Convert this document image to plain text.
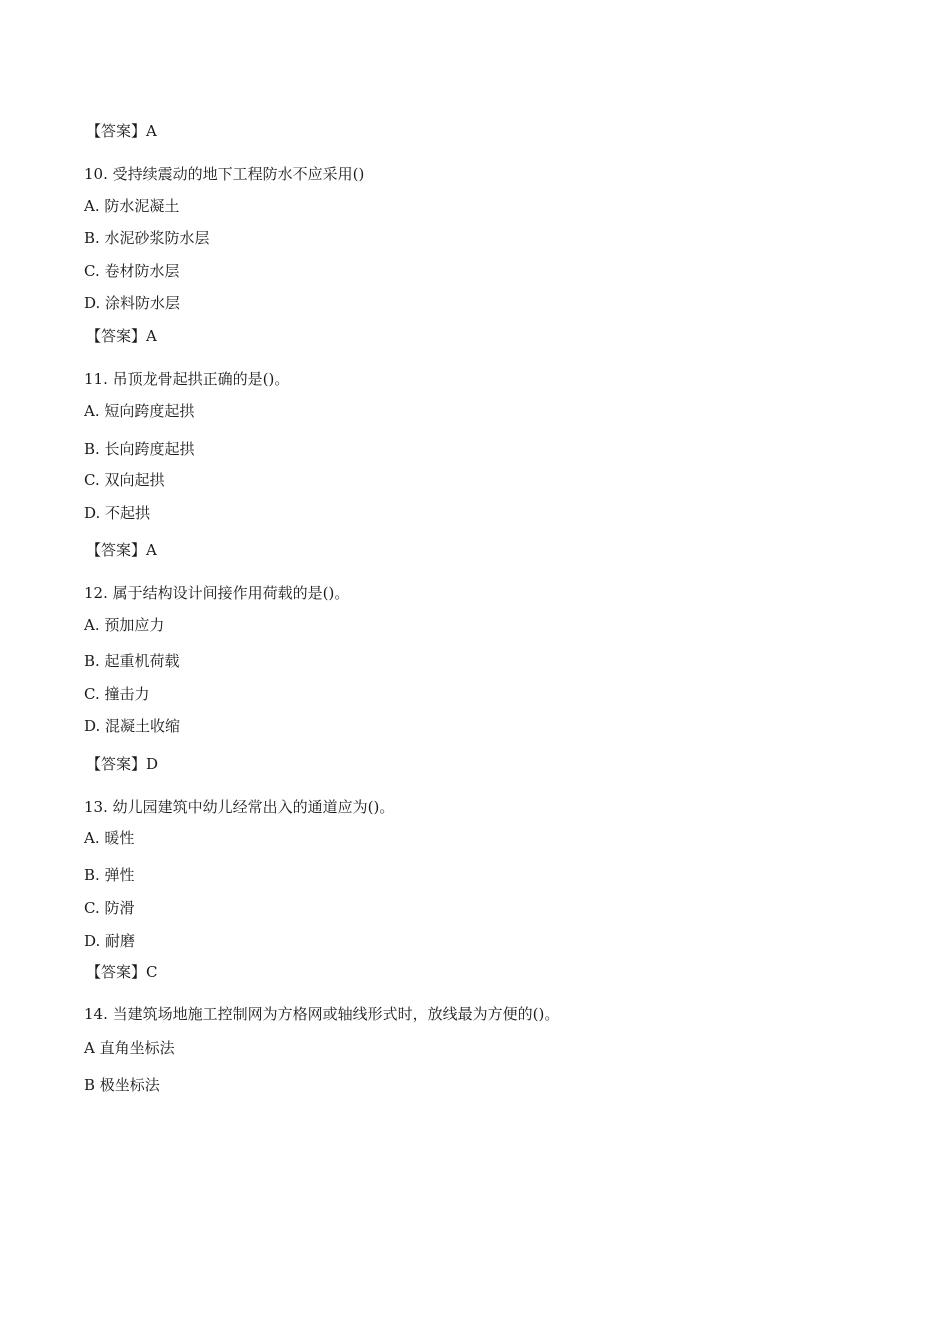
【答案】A
10. 受持续震动的地下工程防水不应采用()
A. 防水泥凝土
B. 水泥砂浆防水层
C. 卷材防水层
D. 涂料防水层
【答案】A
11. 吊顶龙骨起拱正确的是()。
A. 短向跨度起拱
B. 长向跨度起拱
C. 双向起拱
D. 不起拱
【答案】A
12. 属于结构设计间接作用荷载的是()。
A. 预加应力
B. 起重机荷载
C. 撞击力
D. 混凝土收缩
【答案】D
13. 幼儿园建筑中幼儿经常出入的通道应为()。
A. 暖性
B. 弹性
C. 防滑
D. 耐磨
【答案】C
14. 当建筑场地施工控制网为方格网或轴线形式时，放线最为方便的()。
A 直角坐标法
B 极坐标法
